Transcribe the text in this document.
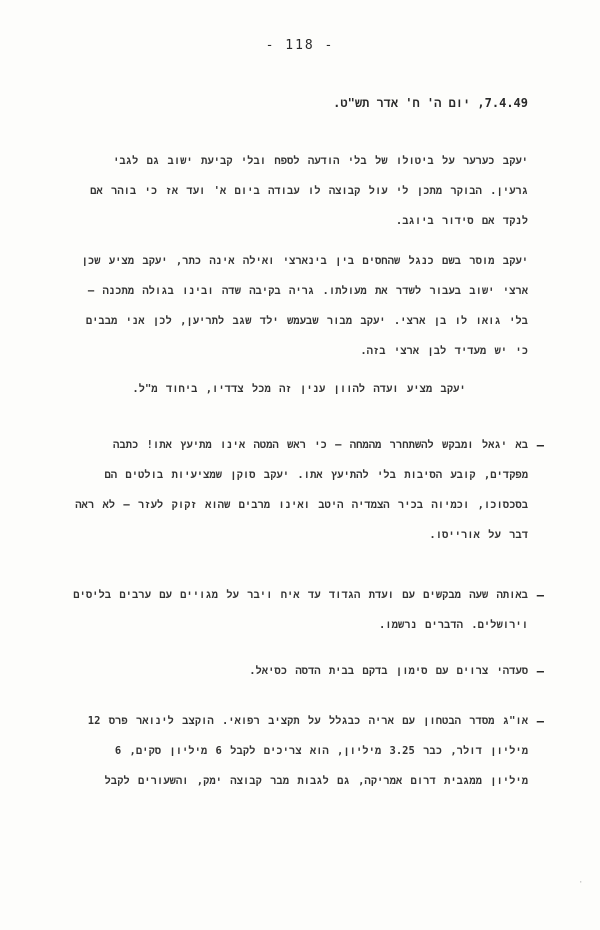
- 118 -
7.4.49, יום ה' ח' אדר תש"ט.
יעקב כערער על ביטולו של בלי הודעה לספח ובלי קביעת ישוב גם לגבי גרעין. הבוקר מתכן לי עול קבוצה לו עבודה ביום א' ועד אז כי בוהר אם לנקד אם סידור ביוגב.
יעקב מוסר בשם כנגל שהחסים בין בינארצי ואילה אינה כתר, יעקב מציע שכן ארצי ישוב בעבור לשדר את מעולתו. גריה בקיבה שדה ובינו בגולה מתכנה – בלי גואו לו בן ארצי. יעקב מבור שבעמש ילד שגב לתריען, לכן אני מבבים כי יש מעדיד לבן ארצי בזה.
יעקב מציע ועדה להוון ענין זה מכל צדדיו, ביחוד מ"ל.
–
בא יגאל ומבקש להשתחרר מהמחה – כי ראש המטה אינו מתיעץ אתו! כתבה מפקדים, קובע הסיבות בלי להתיעץ אתו. יעקב סוקן שמציעיות בולטים הם בסכסוכו, וכמיוה בכיר הצמדיה היטב ואינו מרבים שהוא זקוק לעזר – לא ראה דבר על אורייסו.
–
באותה שעה מבקשים עם ועדת הגדוד עד איח ויבר על מגויים עם ערבים בליסים וירושלים. הדברים נרשמו.
–
סעדהי צרוים עם סימון בדקם בבית הדסה כסיאל.
–
או"ג מסדר הבטחון עם אריה כבגלל על תקציב רפואי. הוקצב לינואר פרס 12 מיליון דולר, כבר 3.25 מיליון, הוא צריכים לקבל 6 מיליון סקים, 6 מיליון ממגבית דרום אמריקה, גם לגבות מבר קבוצה ימק, והשעורים לקבל
·
